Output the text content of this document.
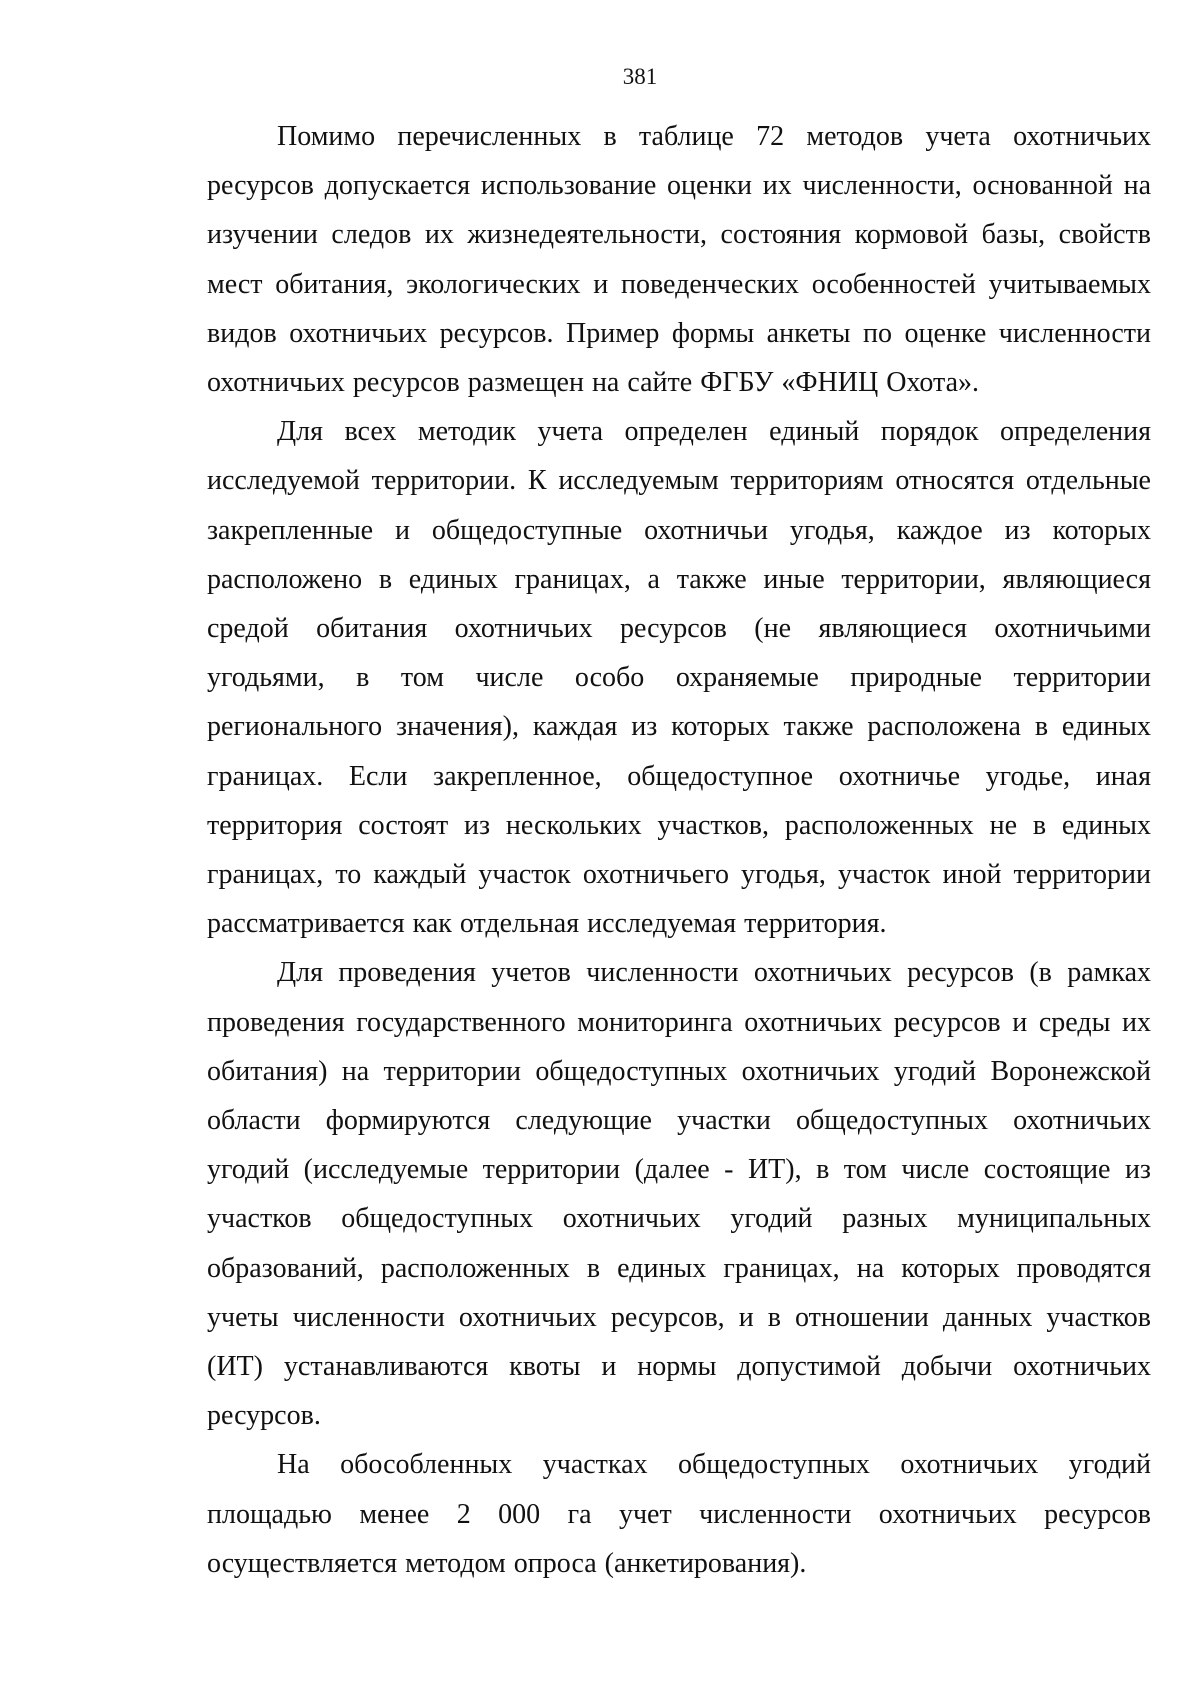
381

Помимо перечисленных в таблице 72 методов учета охотничьих ресурсов допускается использование оценки их численности, основанной на изучении следов их жизнедеятельности, состояния кормовой базы, свойств мест обитания, экологических и поведенческих особенностей учитываемых видов охотничьих ресурсов. Пример формы анкеты по оценке численности охотничьих ресурсов размещен на сайте ФГБУ «ФНИЦ Охота».

Для всех методик учета определен единый порядок определения исследуемой территории. К исследуемым территориям относятся отдельные закрепленные и общедоступные охотничьи угодья, каждое из которых расположено в единых границах, а также иные территории, являющиеся средой обитания охотничьих ресурсов (не являющиеся охотничьими угодьями, в том числе особо охраняемые природные территории регионального значения), каждая из которых также расположена в единых границах. Если закрепленное, общедоступное охотничье угодье, иная территория состоят из нескольких участков, расположенных не в единых границах, то каждый участок охотничьего угодья, участок иной территории рассматривается как отдельная исследуемая территория.

Для проведения учетов численности охотничьих ресурсов (в рамках проведения государственного мониторинга охотничьих ресурсов и среды их обитания) на территории общедоступных охотничьих угодий Воронежской области формируются следующие участки общедоступных охотничьих угодий (исследуемые территории (далее - ИТ), в том числе состоящие из участков общедоступных охотничьих угодий разных муниципальных образований, расположенных в единых границах, на которых проводятся учеты численности охотничьих ресурсов, и в отношении данных участков (ИТ) устанавливаются квоты и нормы допустимой добычи охотничьих ресурсов.

На обособленных участках общедоступных охотничьих угодий площадью менее 2 000 га учет численности охотничьих ресурсов осуществляется методом опроса (анкетирования).
